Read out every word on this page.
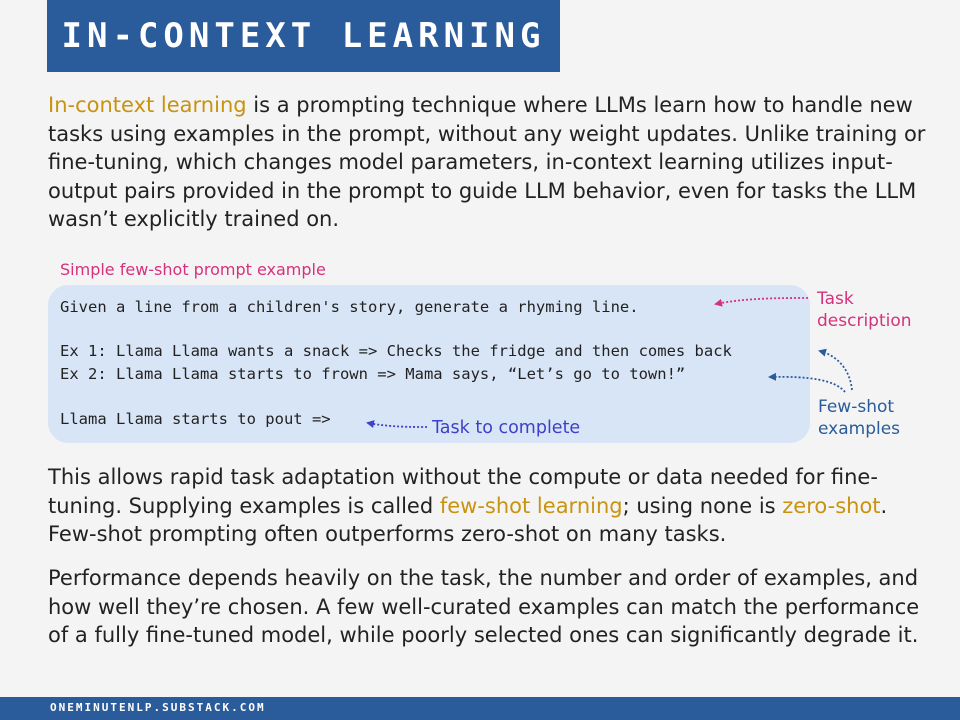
IN-CONTEXT LEARNING

In-context learning is a prompting technique where LLMs learn how to handle new tasks using examples in the prompt, without any weight updates. Unlike training or fine-tuning, which changes model parameters, in-context learning utilizes input-output pairs provided in the prompt to guide LLM behavior, even for tasks the LLM wasn’t explicitly trained on.

Simple few-shot prompt example
Given a line from a children's story, generate a rhyming line.
Ex 1: Llama Llama wants a snack => Checks the fridge and then comes back
Ex 2: Llama Llama starts to frown => Mama says, “Let’s go to town!”
Llama Llama starts to pout =>
Task
description
Few-shot
examples
Task to complete

This allows rapid task adaptation without the compute or data needed for fine-tuning. Supplying examples is called few-shot learning; using none is zero-shot. Few-shot prompting often outperforms zero-shot on many tasks.

Performance depends heavily on the task, the number and order of examples, and how well they’re chosen. A few well-curated examples can match the performance of a fully fine-tuned model, while poorly selected ones can significantly degrade it.

ONEMINUTENLP.SUBSTACK.COM
